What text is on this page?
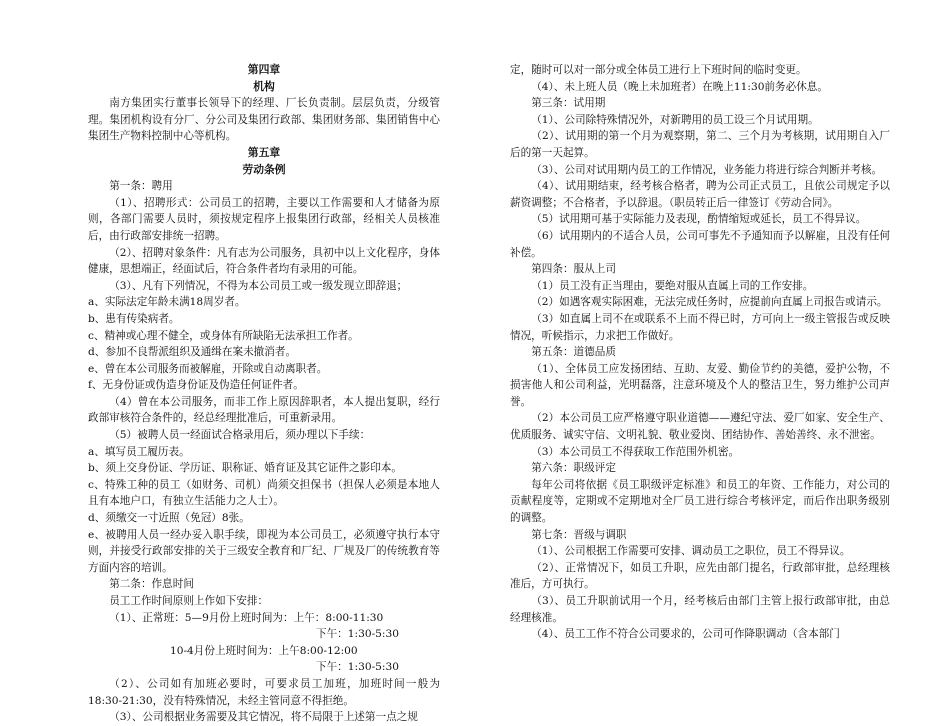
第四章

机构

南方集团实行董事长领导下的经理、厂长负责制。层层负责，分级管理。集团机构设有分厂、分公司及集团行政部、集团财务部、集团销售中心集团生产物料控制中心等机构。

第五章

劳动条例

第一条：聘用

（1）、招聘形式：公司员工的招聘，主要以工作需要和人才储备为原则，各部门需要人员时，须按规定程序上报集团行政部，经相关人员核准后，由行政部安排统一招聘。

（2）、招聘对象条件：凡有志为公司服务，具初中以上文化程序，身体健康，思想端正，经面试后，符合条件者均有录用的可能。

（3）、凡有下列情况，不得为本公司员工或一级发现立即辞退；

a、实际法定年龄未满18周岁者。

b、患有传染病者。

c、精神或心理不健全，或身体有所缺陷无法承担工作者。

d、参加不良帮派组织及通缉在案未撤消者。

e、曾在本公司服务而被解雇，开除或自动离职者。

f、无身份证或伪造身份证及伪造任何证件者。

（4）曾在本公司服务，而非工作上原因辞职者，本人提出复职，经行政部审核符合条件的，经总经理批准后，可重新录用。

（5）被聘人员一经面试合格录用后，须办理以下手续：

a、填写员工履历表。

b、须上交身份证、学历证、职称证、婚育证及其它证件之影印本。

c、特殊工种的员工（如财务、司机）尚须交担保书（担保人必须是本地人且有本地户口，有独立生活能力之人士）。

d、须缴交一寸近照（免冠）8张。

e、被聘用人员一经办妥入职手续，即视为本公司员工，必须遵守执行本守则，并接受行政部安排的关于三级安全教育和厂纪、厂规及厂的传统教育等方面内容的培训。

第二条：作息时间

员工工作时间原则上作如下安排：

（1）、正常班：5—9月份上班时间为：上午：8:00-11:30

下午：1:30-5:30

10-4月份上班时间为：上午8:00-12:00

下午：1:30-5:30

（2）、公司如有加班必要时，可要求员工加班，加班时间一般为18:30-21:30，没有特殊情况，未经主管同意不得拒绝。

（3）、公司根据业务需要及其它情况，将不局限于上述第一点之规

定，随时可以对一部分或全体员工进行上下班时间的临时变更。

（4）、未上班人员（晚上未加班者）在晚上11:30前务必休息。

第三条：试用期

（1）、公司除特殊情况外，对新聘用的员工设三个月试用期。

（2）、试用期的第一个月为观察期，第二、三个月为考核期，试用期自入厂后的第一天起算。

（3）、公司对试用期内员工的工作情况，业务能力将进行综合判断并考核。

（4）、试用期结束，经考核合格者，聘为公司正式员工，且依公司规定予以薪资调整；不合格者，予以辞退。（职员转正后一律签订《劳动合同》。

（5）试用期可基于实际能力及表现，酌情缩短或延长，员工不得异议。

（6）试用期内的不适合人员，公司可事先不予通知而予以解雇，且没有任何补偿。

第四条：服从上司

（1）员工没有正当理由，要绝对服从直属上司的工作安排。

（2）如遇客观实际困难，无法完成任务时，应提前向直属上司报告或请示。

（3）如直属上司不在或联系不上而不得已时，方可向上一级主管报告或反映情况，听候指示，力求把工作做好。

第五条：道德品质

（1）、全体员工应发扬团结、互助、友爱、勤俭节约的美德，爱护公物，不损害他人和公司利益，光明磊落，注意环境及个人的整洁卫生，努力维护公司声誉。

（2）本公司员工应严格遵守职业道德——遵纪守法、爱厂如家、安全生产、优质服务、诚实守信、文明礼貌、敬业爱岗、团结协作、善始善终、永不泄密。

（3）本公司员工不得获取工作范围外机密。

第六条：职级评定

每年公司将依据《员工职级评定标准》和员工的年资、工作能力，对公司的贡献程度等，定期或不定期地对全厂员工进行综合考核评定，而后作出职务级别的调整。

第七条：晋级与调职

（1）、公司根据工作需要可安排、调动员工之职位，员工不得异议。

（2）、正常情况下，如员工升职，应先由部门提名，行政部审批，总经理核准后，方可执行。

（3）、员工升职前试用一个月，经考核后由部门主管上报行政部审批，由总经理核准。

（4）、员工工作不符合公司要求的，公司可作降职调动（含本部门
